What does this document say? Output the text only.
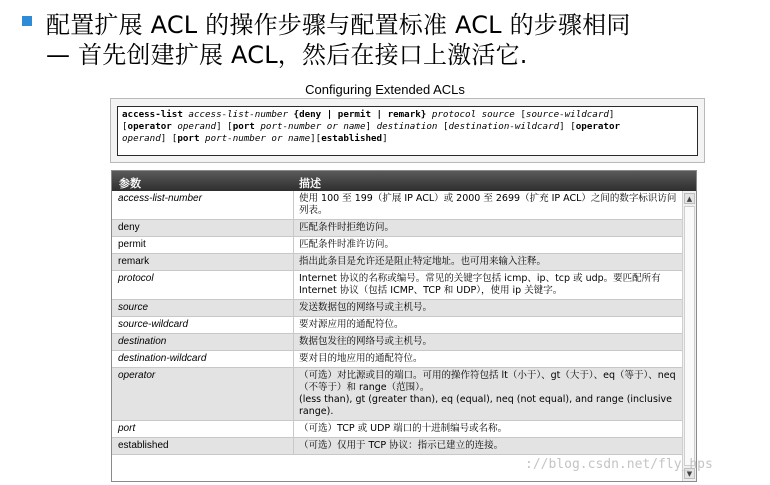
配置扩展 ACL 的操作步骤与配置标准 ACL 的步骤相同
— 首先创建扩展 ACL，然后在接口上激活它.
Configuring Extended ACLs
access-list access-list-number {deny | permit | remark} protocol source [source-wildcard]
[operator operand] [port port-number or name] destination [destination-wildcard] [operator
operand] [port port-number or name][established]
参数	描述
access-list-number	使用 100 至 199（扩展 IP ACL）或 2000 至 2699（扩充 IP ACL）之间的数字标识访问列表。
deny	匹配条件时拒绝访问。
permit	匹配条件时准许访问。
remark	指出此条目是允许还是阻止特定地址。也可用来输入注释。
protocol	Internet 协议的名称或编号。常见的关键字包括 icmp、ip、tcp 或 udp。要匹配所有 Internet 协议（包括 ICMP、TCP 和 UDP），使用 ip 关键字。
source	发送数据包的网络号或主机号。
source-wildcard	要对源应用的通配符位。
destination	数据包发往的网络号或主机号。
destination-wildcard	要对目的地应用的通配符位。
operator	（可选）对比源或目的端口。可用的操作符包括 lt（小于）、gt（大于）、eq（等于）、neq（不等于）和 range（范围）。
(less than), gt (greater than), eq (equal), neq (not equal), and range (inclusive range).
port	（可选）TCP 或 UDP 端口的十进制编号或名称。
established	（可选）仅用于 TCP 协议：指示已建立的连接。
▲
▼
://blog.csdn.net/fly_hps
